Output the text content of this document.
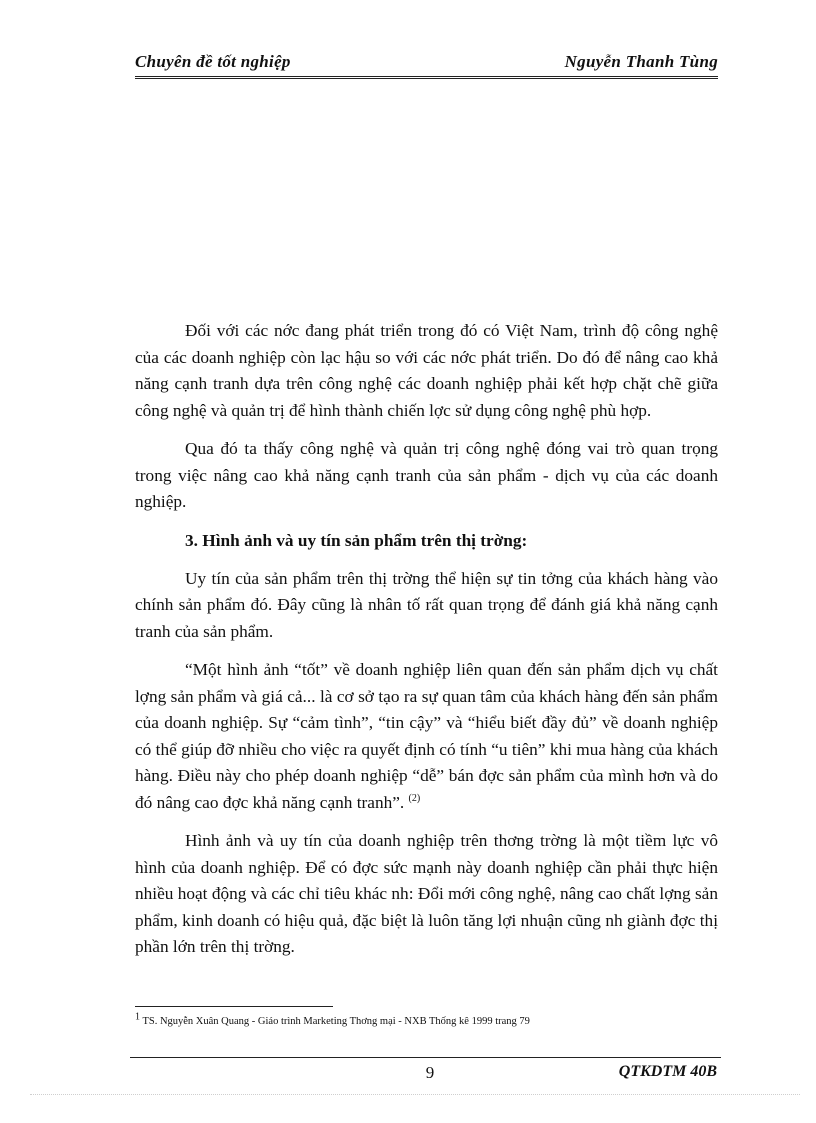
Chuyên đề tốt nghiệp	Nguyễn Thanh Tùng

Đối với các nớc đang phát triển trong đó có Việt Nam, trình độ công nghệ của các doanh nghiệp còn lạc hậu so với các nớc phát triển. Do đó để nâng cao khả năng cạnh tranh dựa trên công nghệ các doanh nghiệp phải kết hợp chặt chẽ giữa công nghệ và quản trị để hình thành chiến lợc sử dụng công nghệ phù hợp.

Qua đó ta thấy công nghệ và quản trị công nghệ đóng vai trò quan trọng trong việc nâng cao khả năng cạnh tranh của sản phẩm - dịch vụ của các doanh nghiệp.

3. Hình ảnh và uy tín sản phẩm trên thị trờng:

Uy tín của sản phẩm trên thị trờng thể hiện sự tin tởng của khách hàng vào chính sản phẩm đó. Đây cũng là nhân tố rất quan trọng để đánh giá khả năng cạnh tranh của sản phẩm.

“Một hình ảnh “tốt” về doanh nghiệp liên quan đến sản phẩm dịch vụ chất lợng sản phẩm và giá cả... là cơ sở tạo ra sự quan tâm của khách hàng đến sản phẩm của doanh nghiệp. Sự “cảm tình”, “tin cậy” và “hiểu biết đầy đủ” về doanh nghiệp có thể giúp đỡ nhiều cho việc ra quyết định có tính “u tiên” khi mua hàng của khách hàng. Điều này cho phép doanh nghiệp “dễ” bán đợc sản phẩm của mình hơn và do đó nâng cao đợc khả năng cạnh tranh”. $^{(2)}$

Hình ảnh và uy tín của doanh nghiệp trên thơng trờng là một tiềm lực vô hình của doanh nghiệp. Để có đợc sức mạnh này doanh nghiệp cần phải thực hiện nhiều hoạt động và các chỉ tiêu khác nh: Đổi mới công nghệ, nâng cao chất lợng sản phẩm, kinh doanh có hiệu quả, đặc biệt là luôn tăng lợi nhuận cũng nh giành đợc thị phần lớn trên thị trờng.

$^1$ TS. Nguyễn Xuân Quang - Giáo trình Marketing Thơng mại - NXB Thống kê 1999 trang 79
9	QTKDTM 40B
